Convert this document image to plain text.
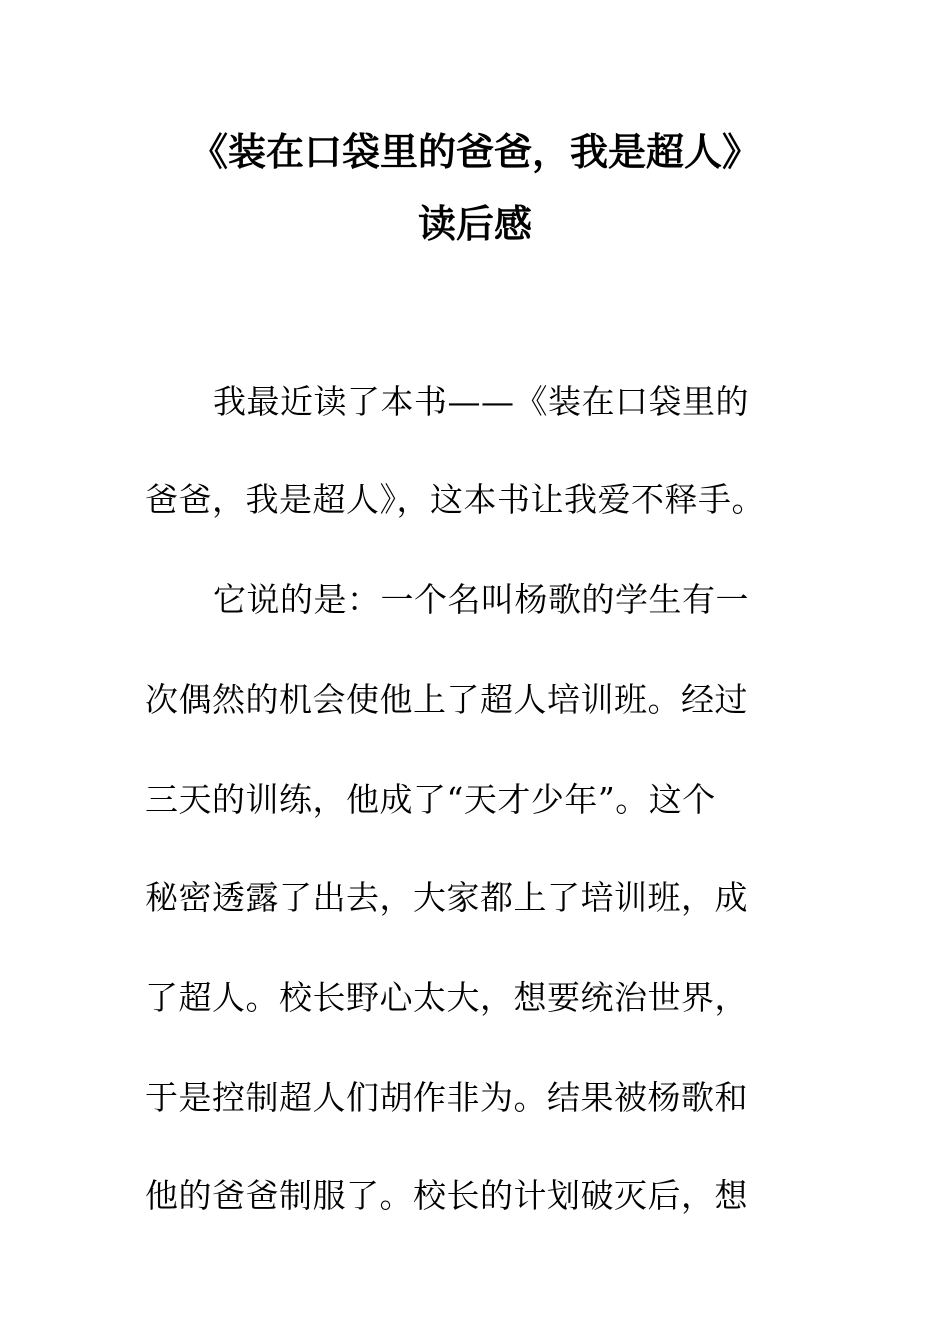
《装在口袋里的爸爸，我是超人》
读后感
我最近读了本书——《装在口袋里的
爸爸，我是超人》，这本书让我爱不释手。
它说的是：一个名叫杨歌的学生有一
次偶然的机会使他上了超人培训班。经过
三天的训练，他成了“天才少年”。这个
秘密透露了出去，大家都上了培训班，成
了超人。校长野心太大，想要统治世界，
于是控制超人们胡作非为。结果被杨歌和
他的爸爸制服了。校长的计划破灭后，想
